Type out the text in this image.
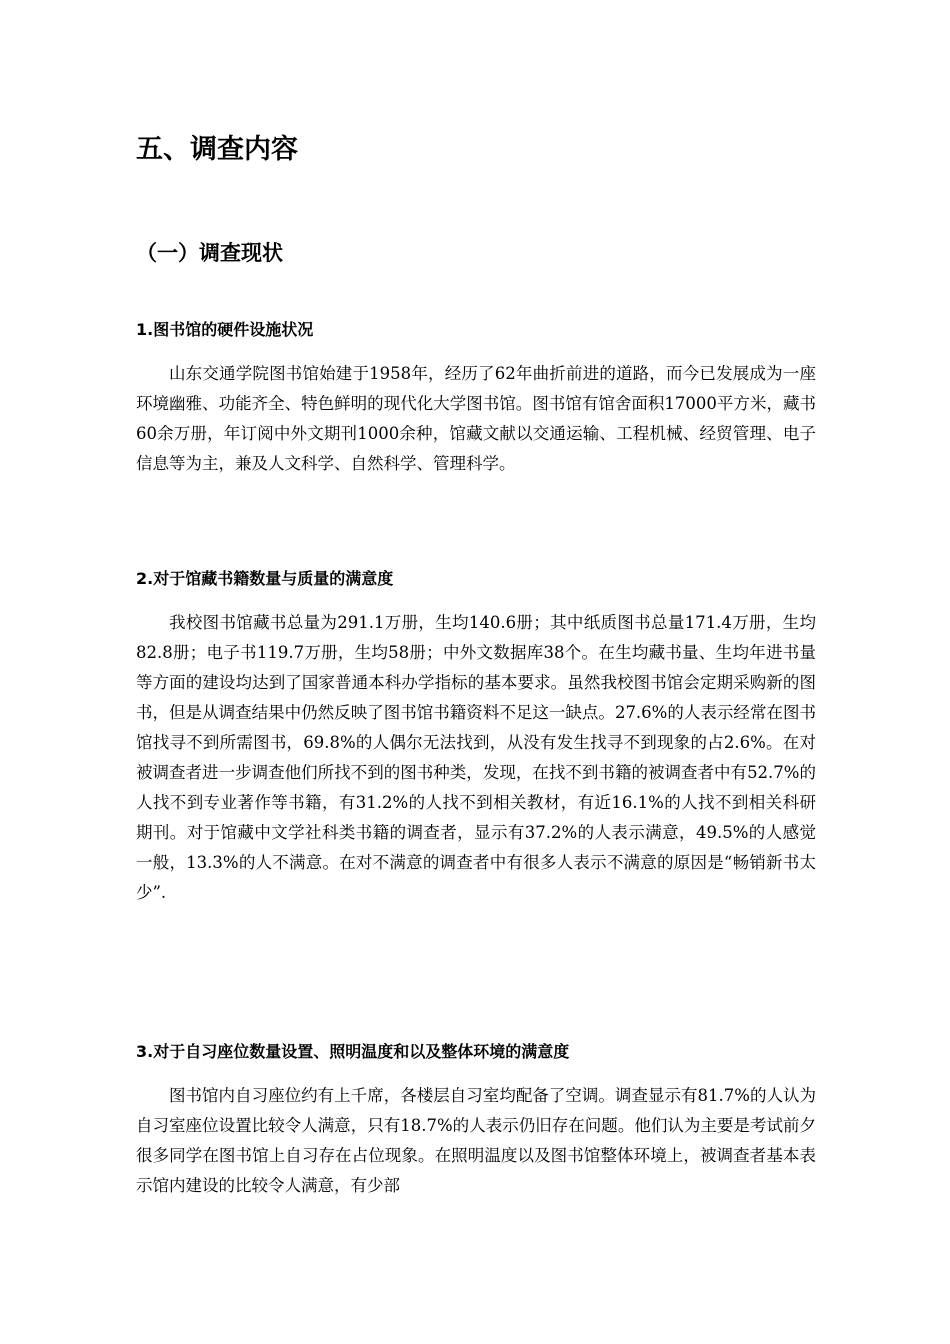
五、调查内容
（一）调查现状
1.图书馆的硬件设施状况

山东交通学院图书馆始建于1958年，经历了62年曲折前进的道路，而今已发展成为一座环境幽雅、功能齐全、特色鲜明的现代化大学图书馆。图书馆有馆舍面积17000平方米，藏书60余万册，年订阅中外文期刊1000余种，馆藏文献以交通运输、工程机械、经贸管理、电子信息等为主，兼及人文科学、自然科学、管理科学。

2.对于馆藏书籍数量与质量的满意度

我校图书馆藏书总量为291.1万册，生均140.6册；其中纸质图书总量171.4万册，生均82.8册；电子书119.7万册，生均58册；中外文数据库38个。在生均藏书量、生均年进书量等方面的建设均达到了国家普通本科办学指标的基本要求。虽然我校图书馆会定期采购新的图书，但是从调查结果中仍然反映了图书馆书籍资料不足这一缺点。27.6%的人表示经常在图书馆找寻不到所需图书，69.8%的人偶尔无法找到，从没有发生找寻不到现象的占2.6%。在对被调查者进一步调查他们所找不到的图书种类，发现，在找不到书籍的被调查者中有52.7%的人找不到专业著作等书籍，有31.2%的人找不到相关教材，有近16.1%的人找不到相关科研期刊。对于馆藏中文学社科类书籍的调查者，显示有37.2%的人表示满意，49.5%的人感觉一般，13.3%的人不满意。在对不满意的调查者中有很多人表示不满意的原因是“畅销新书太少”.

3.对于自习座位数量设置、照明温度和以及整体环境的满意度

图书馆内自习座位约有上千席，各楼层自习室均配备了空调。调查显示有81.7%的人认为自习室座位设置比较令人满意，只有18.7%的人表示仍旧存在问题。他们认为主要是考试前夕很多同学在图书馆上自习存在占位现象。在照明温度以及图书馆整体环境上，被调查者基本表示馆内建设的比较令人满意，有少部
